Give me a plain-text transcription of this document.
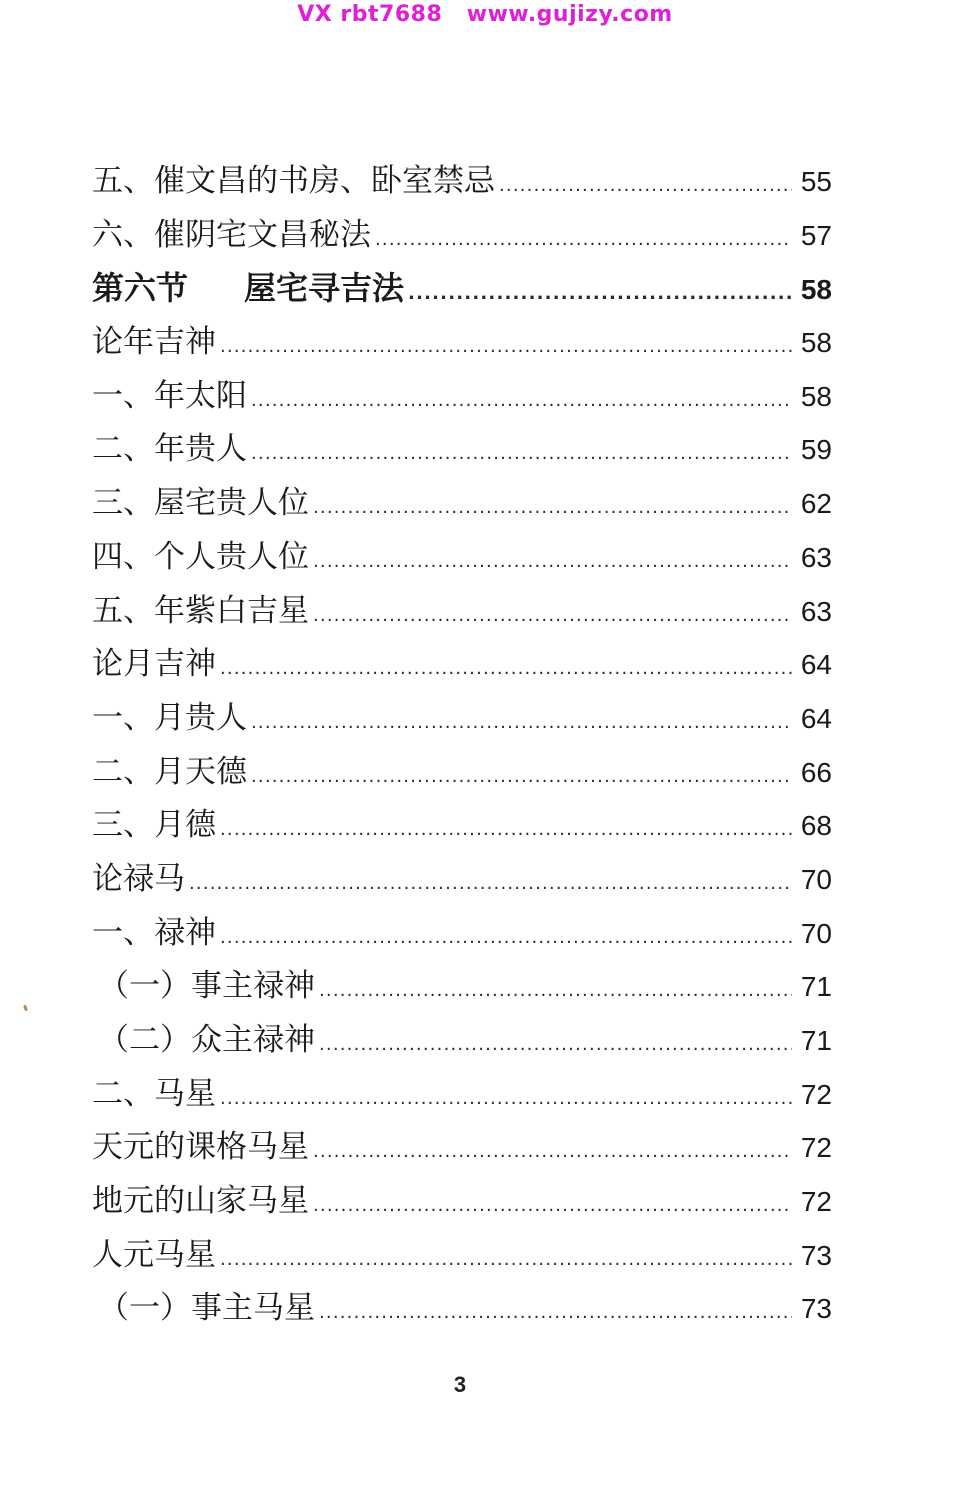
VX rbt7688 www.gujizy.com
五、催文昌的书房、卧室禁忌 .....	55
六、催阴宅文昌秘法 .....	57
第六节 屋宅寻吉法 .....	58
论年吉神 .....	58
一、年太阳 .....	58
二、年贵人 .....	59
三、屋宅贵人位 .....	62
四、个人贵人位 .....	63
五、年紫白吉星 .....	63
论月吉神 .....	64
一、月贵人 .....	64
二、月天德 .....	66
三、月德 .....	68
论禄马 .....	70
一、禄神 .....	70
（一）事主禄神 .....	71
（二）众主禄神 .....	71
二、马星 .....	72
天元的课格马星 .....	72
地元的山家马星 .....	72
人元马星 .....	73
（一）事主马星 .....	73
3
